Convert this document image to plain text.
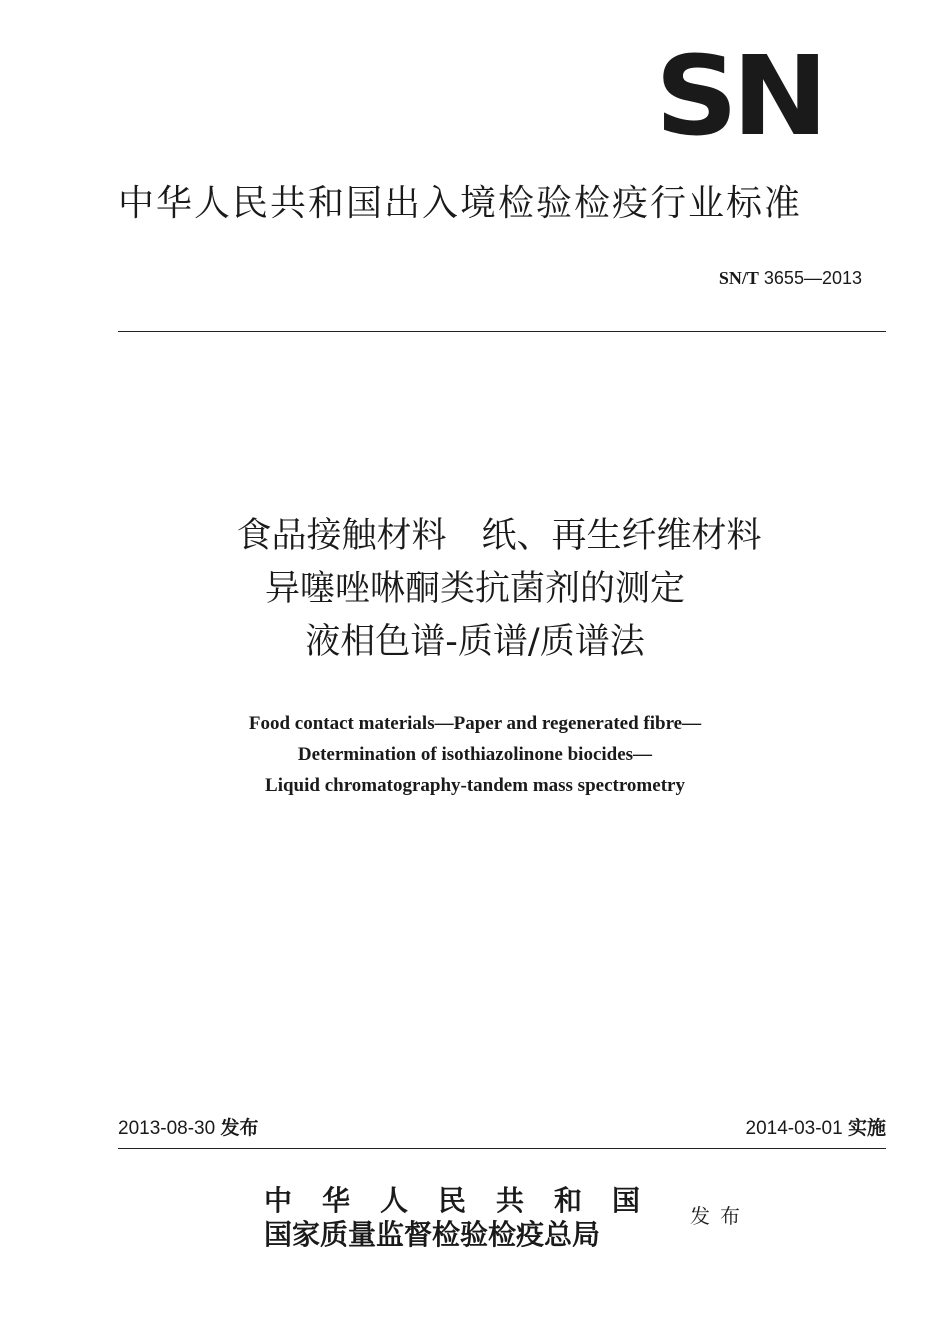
SN
中华人民共和国出入境检验检疫行业标准
SN/T 3655—2013
食品接触材料　纸、再生纤维材料
异噻唑啉酮类抗菌剂的测定
液相色谱-质谱/质谱法
Food contact materials—Paper and regenerated fibre—
Determination of isothiazolinone biocides—
Liquid chromatography-tandem mass spectrometry
2013-08-30 发布	2014-03-01 实施
中华人民共和国
国家质量监督检验检疫总局
发布
